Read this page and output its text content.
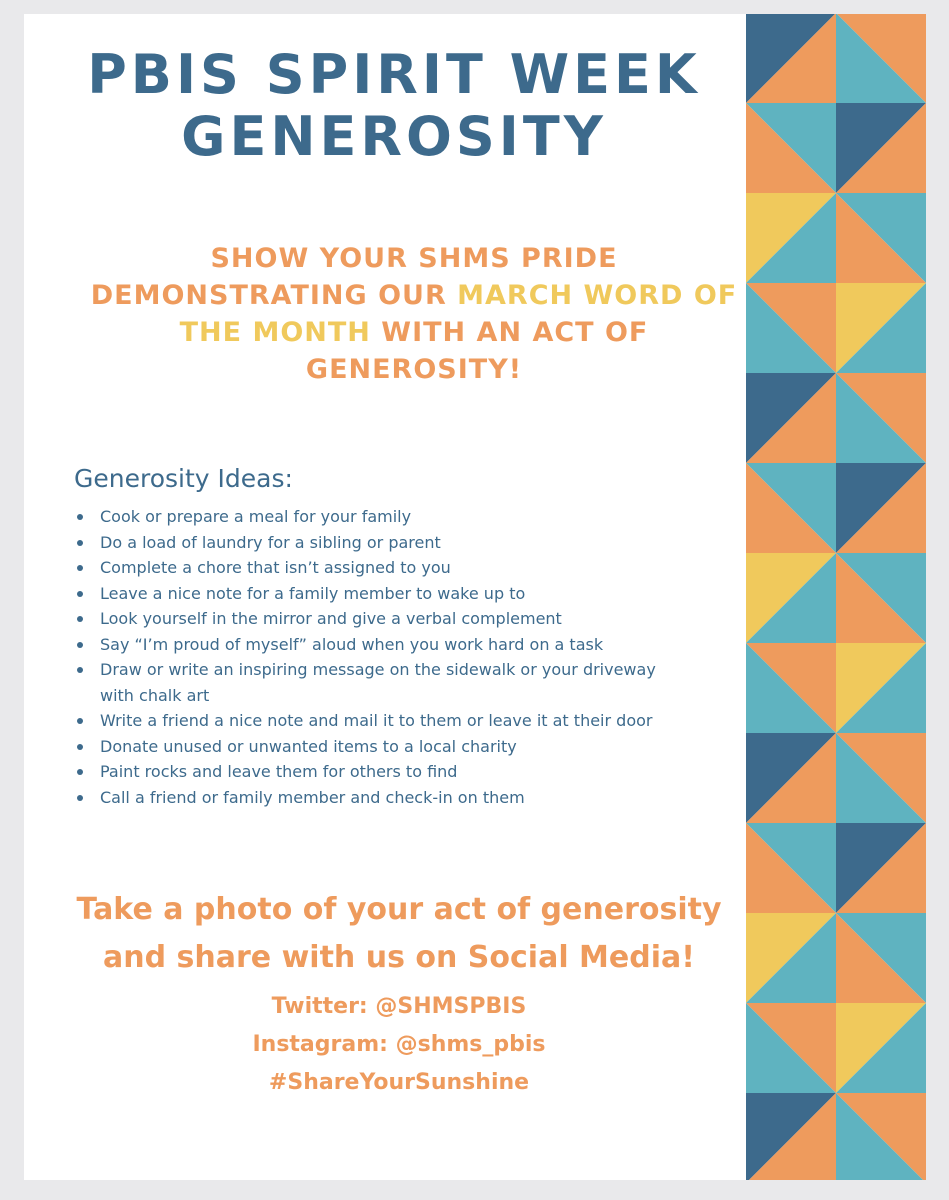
PBIS SPIRIT WEEK
GENEROSITY

SHOW YOUR SHMS PRIDE DEMONSTRATING OUR MARCH WORD OF THE MONTH WITH AN ACT OF GENEROSITY!

Generosity Ideas:
Cook or prepare a meal for your family
Do a load of laundry for a sibling or parent
Complete a chore that isn’t assigned to you
Leave a nice note for a family member to wake up to
Look yourself in the mirror and give a verbal complement
Say “I’m proud of myself” aloud when you work hard on a task
Draw or write an inspiring message on the sidewalk or your driveway with chalk art
Write a friend a nice note and mail it to them or leave it at their door
Donate unused or unwanted items to a local charity
Paint rocks and leave them for others to find
Call a friend or family member and check-in on them

Take a photo of your act of generosity and share with us on Social Media!

Twitter: @SHMSPBIS

Instagram: @shms_pbis

#ShareYourSunshine
